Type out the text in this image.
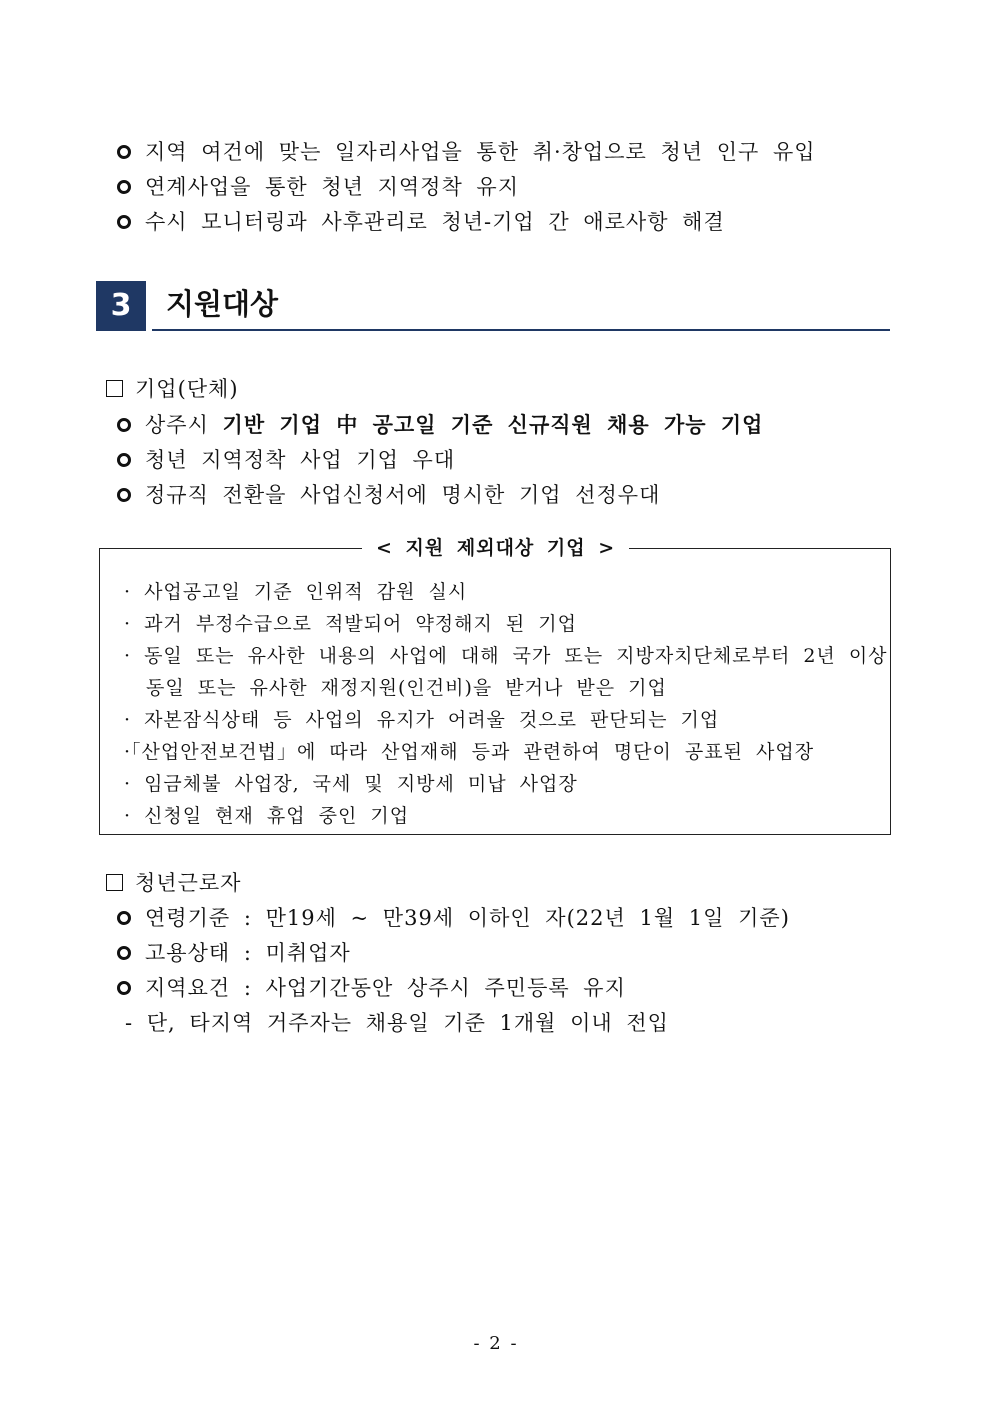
지역 여건에 맞는 일자리사업을 통한 취·창업으로 청년 인구 유입
연계사업을 통한 청년 지역정착 유지
수시 모니터링과 사후관리로 청년-기업 간 애로사항 해결
3	지원대상
기업(단체)
상주시 기반 기업 中 공고일 기준 신규직원 채용 가능 기업
청년 지역정착 사업 기업 우대
정규직 전환을 사업신청서에 명시한 기업 선정우대
< 지원 제외대상 기업 >
· 사업공고일 기준 인위적 감원 실시
· 과거 부정수급으로 적발되어 약정해지 된 기업
· 동일 또는 유사한 내용의 사업에 대해 국가 또는 지방자치단체로부터 2년 이상
동일 또는 유사한 재정지원(인건비)을 받거나 받은 기업
· 자본잠식상태 등 사업의 유지가 어려울 것으로 판단되는 기업
·「산업안전보건법」에 따라 산업재해 등과 관련하여 명단이 공표된 사업장
· 임금체불 사업장, 국세 및 지방세 미납 사업장
· 신청일 현재 휴업 중인 기업
청년근로자
연령기준 : 만19세 ~ 만39세 이하인 자(22년 1월 1일 기준)
고용상태 : 미취업자
지역요건 : 사업기간동안 상주시 주민등록 유지
- 단, 타지역 거주자는 채용일 기준 1개월 이내 전입
- 2 -
